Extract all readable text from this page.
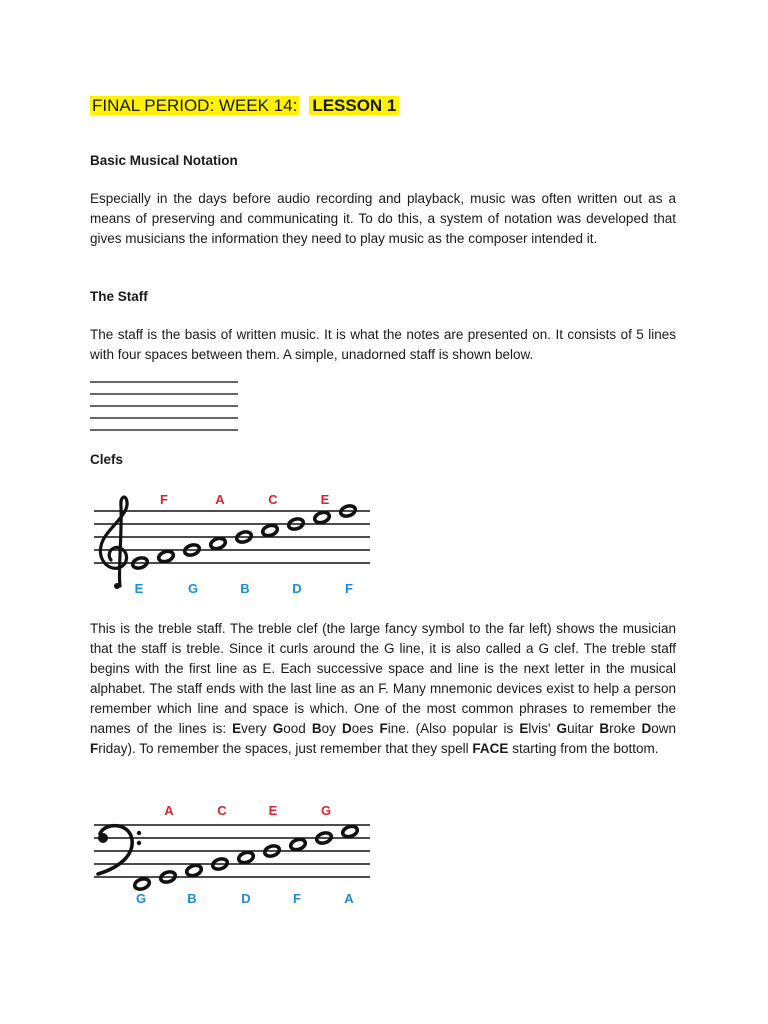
FINAL PERIOD: WEEK 14: LESSON 1
Basic Musical Notation

Especially in the days before audio recording and playback, music was often written out as a means of preserving and communicating it. To do this, a system of notation was developed that gives musicians the information they need to play music as the composer intended it.

The Staff

The staff is the basis of written music. It is what the notes are presented on. It consists of 5 lines with four spaces between them. A simple, unadorned staff is shown below.

Clefs
F	A	C	E
E	G	B	D	F

This is the treble staff. The treble clef (the large fancy symbol to the far left) shows the musician that the staff is treble. Since it curls around the G line, it is also called a G clef. The treble staff begins with the first line as E. Each successive space and line is the next letter in the musical alphabet. The staff ends with the last line as an F. Many mnemonic devices exist to help a person remember which line and space is which. One of the most common phrases to remember the names of the lines is: Every Good Boy Does Fine. (Also popular is Elvis' Guitar Broke Down Friday). To remember the spaces, just remember that they spell FACE starting from the bottom.

A	C	E	G
G	B	D	F	A
